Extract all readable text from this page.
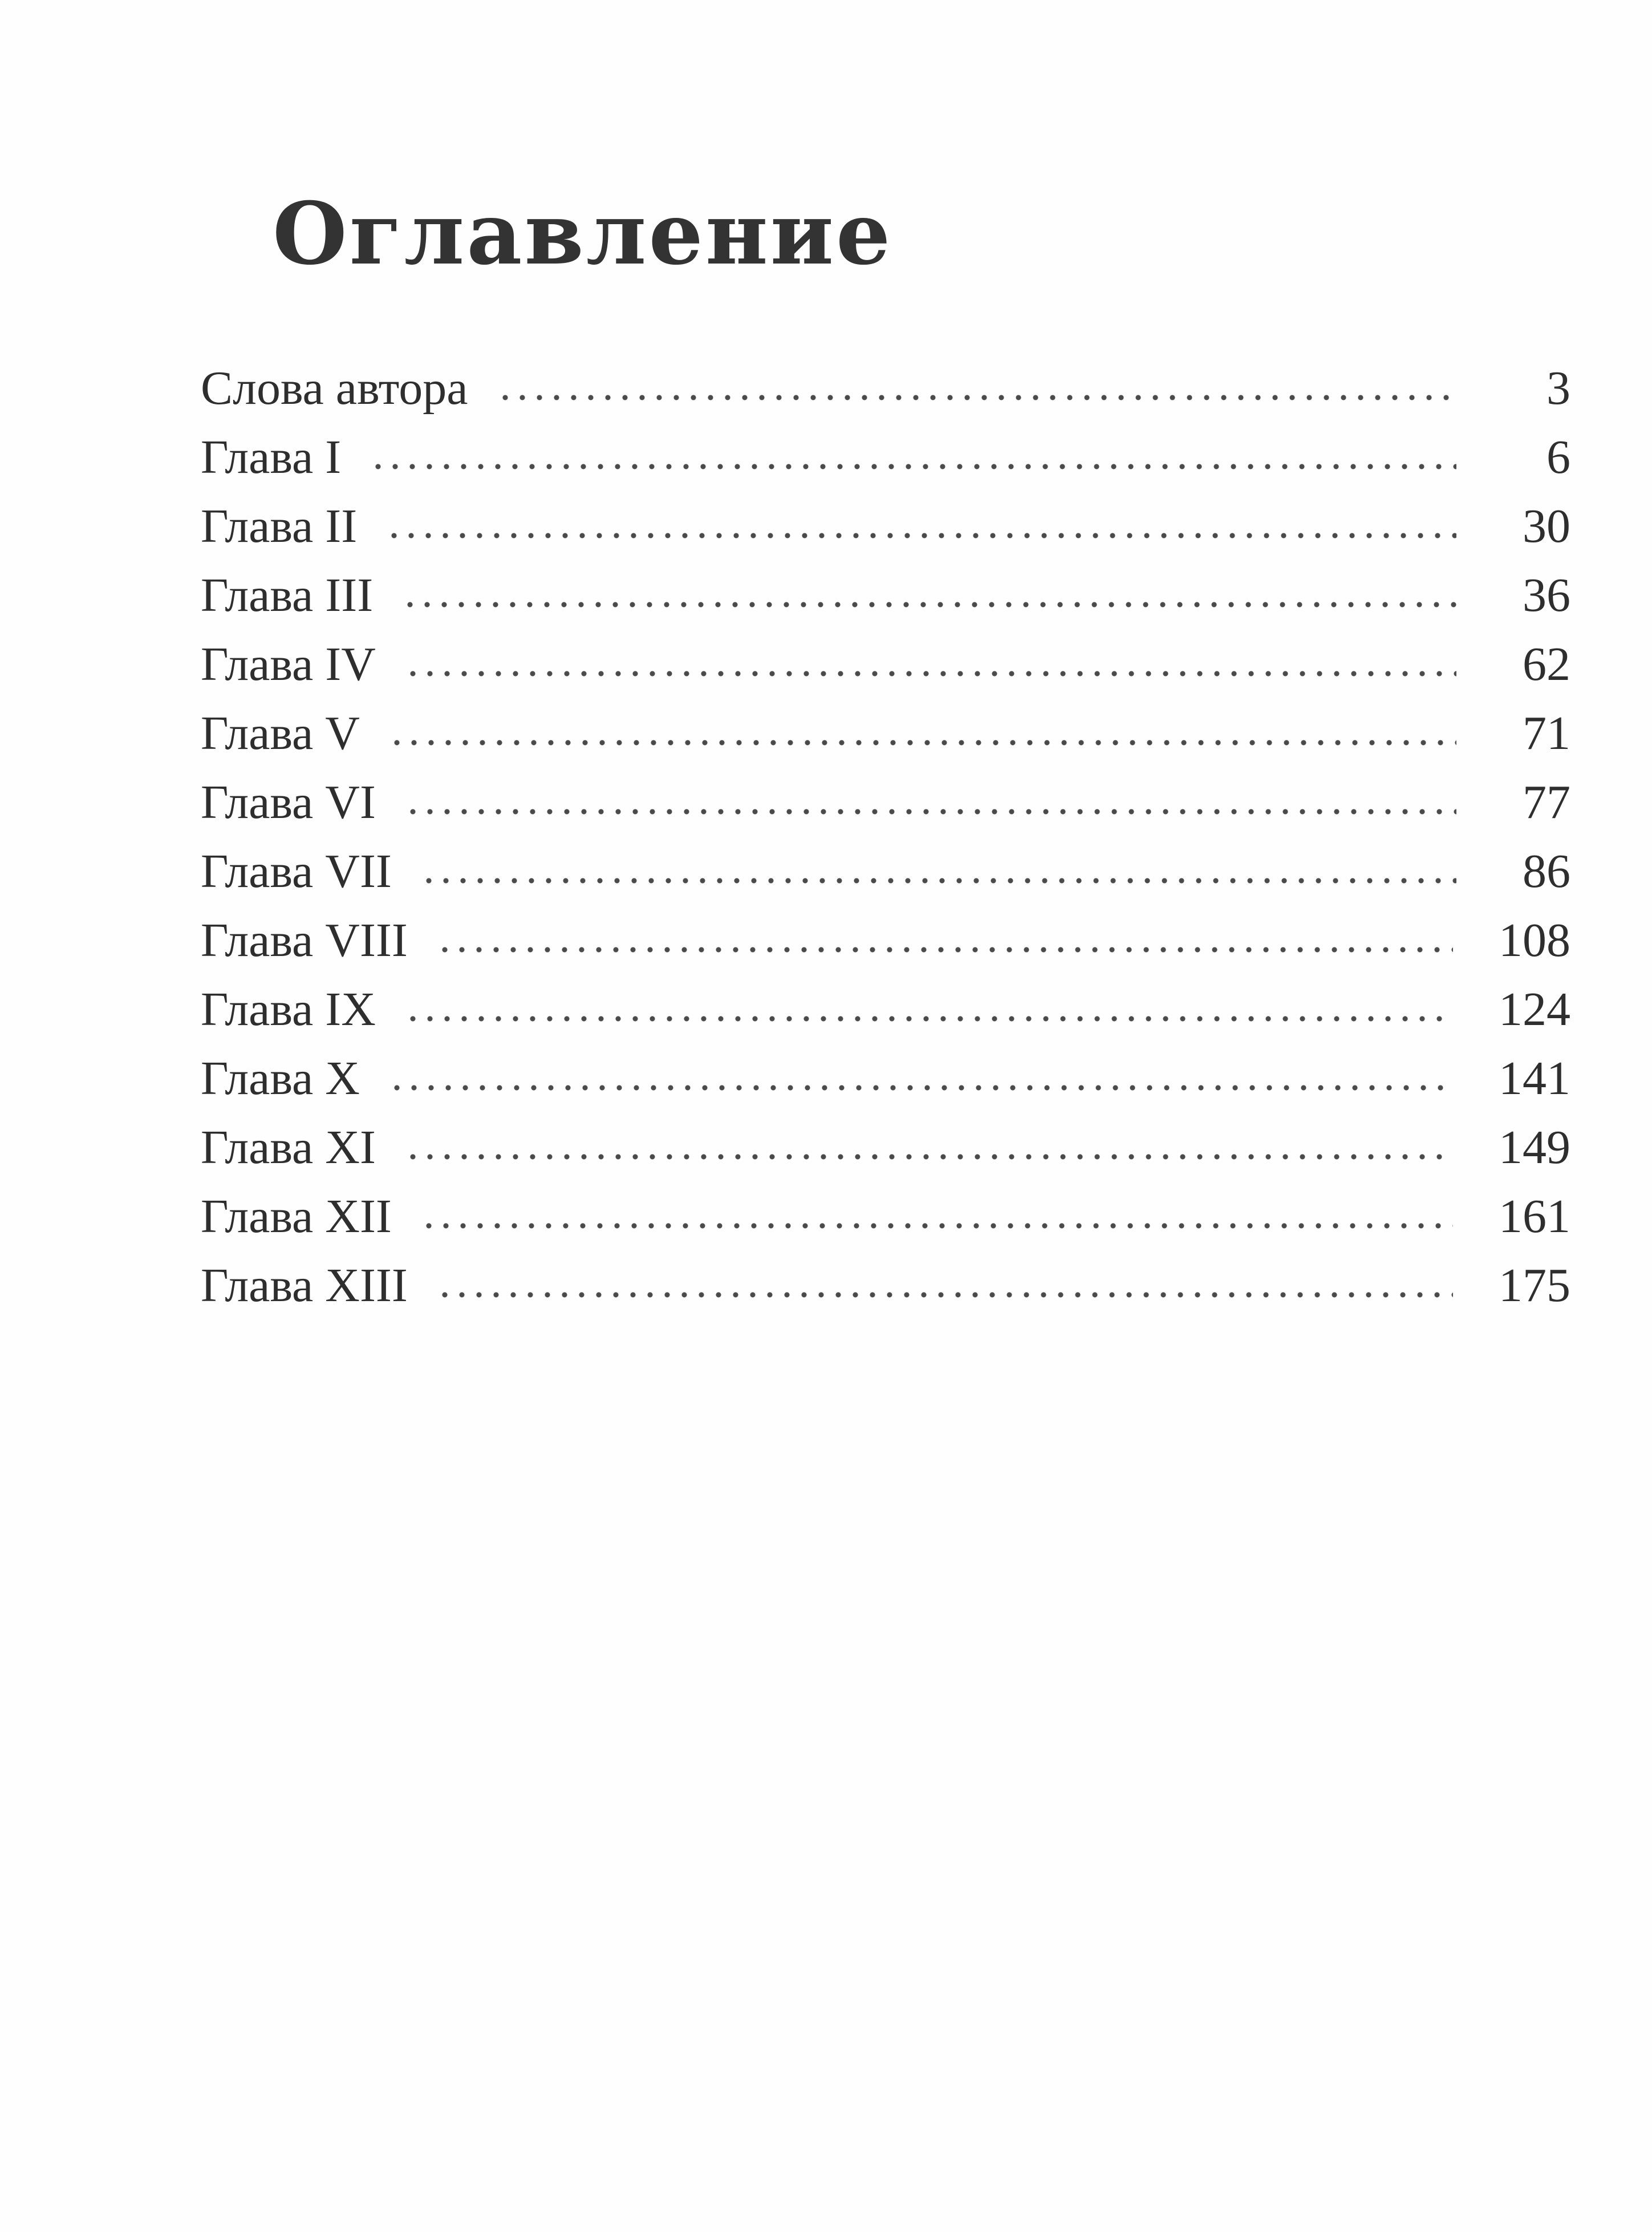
Оглавление
Слова автора	3
Глава I	6
Глава II	30
Глава III	36
Глава IV	62
Глава V	71
Глава VI	77
Глава VII	86
Глава VIII	108
Глава IX	124
Глава X	141
Глава XI	149
Глава XII	161
Глава XIII	175
